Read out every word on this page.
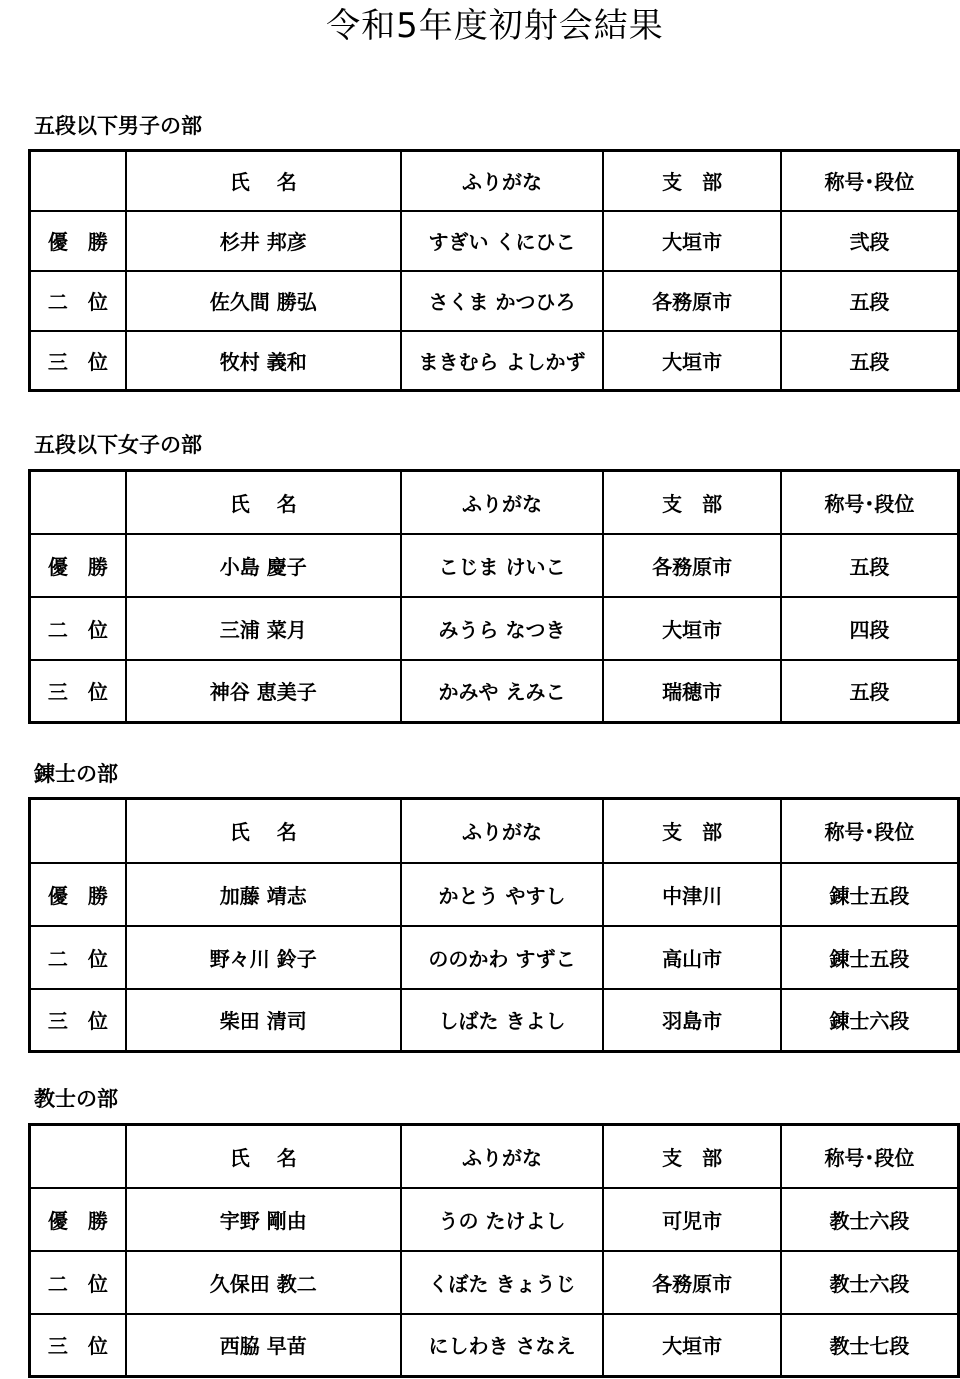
令和5年度初射会結果
五段以下男子の部
	氏　 名	ふりがな	支　部	称号･段位
優　勝	杉井 邦彦	すぎい くにひこ	大垣市	弐段
二　位	佐久間 勝弘	さくま かつひろ	各務原市	五段
三　位	牧村 義和	まきむら よしかず	大垣市	五段
五段以下女子の部
	氏　 名	ふりがな	支　部	称号･段位
優　勝	小島 慶子	こじま けいこ	各務原市	五段
二　位	三浦 菜月	みうら なつき	大垣市	四段
三　位	神谷 恵美子	かみや えみこ	瑞穂市	五段
錬士の部
	氏　 名	ふりがな	支　部	称号･段位
優　勝	加藤 靖志	かとう やすし	中津川	錬士五段
二　位	野々川 鈴子	ののかわ すずこ	高山市	錬士五段
三　位	柴田 清司	しばた きよし	羽島市	錬士六段
教士の部
	氏　 名	ふりがな	支　部	称号･段位
優　勝	宇野 剛由	うの たけよし	可児市	教士六段
二　位	久保田 教二	くぼた きょうじ	各務原市	教士六段
三　位	西脇 早苗	にしわき さなえ	大垣市	教士七段
